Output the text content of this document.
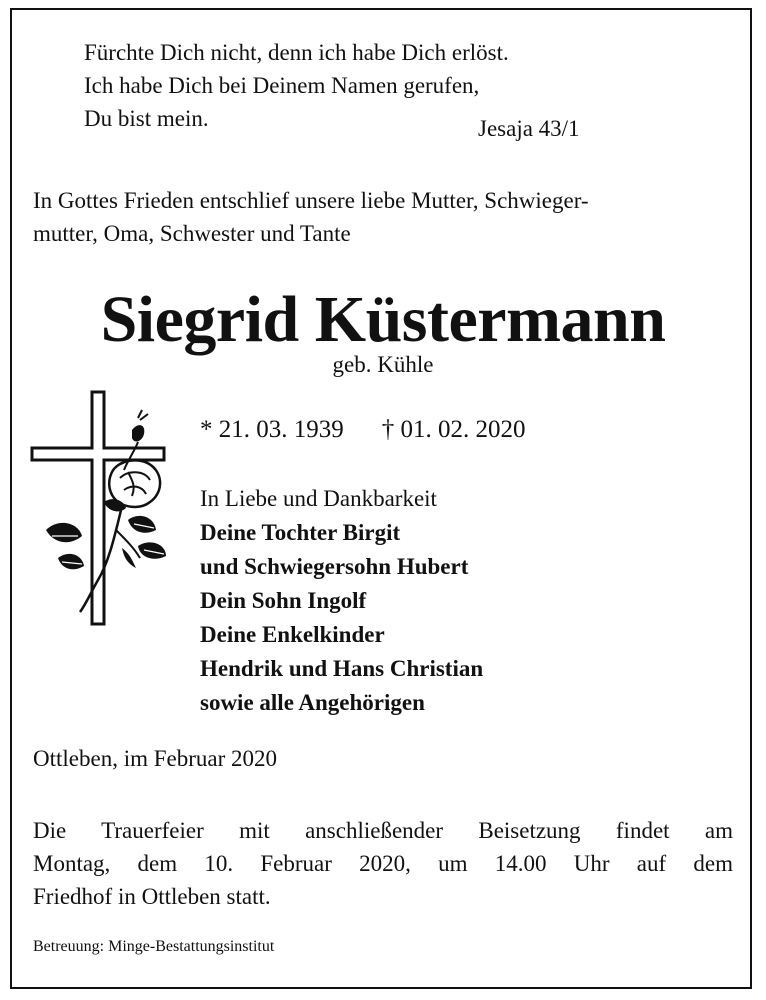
Fürchte Dich nicht, denn ich habe Dich erlöst.
Ich habe Dich bei Deinem Namen gerufen,
Du bist mein.	Jesaja 43/1
In Gottes Frieden entschlief unsere liebe Mutter, Schwieger-
mutter, Oma, Schwester und Tante
Siegrid Küstermann
geb. Kühle
* 21. 03. 1939 † 01. 02. 2020
In Liebe und Dankbarkeit
Deine Tochter Birgit
und Schwiegersohn Hubert
Dein Sohn Ingolf
Deine Enkelkinder
Hendrik und Hans Christian
sowie alle Angehörigen
Ottleben, im Februar 2020
Die Trauerfeier mit anschließender Beisetzung findet am
Montag, dem 10. Februar 2020, um 14.00 Uhr auf dem
Friedhof in Ottleben statt.
Betreuung: Minge-Bestattungsinstitut
